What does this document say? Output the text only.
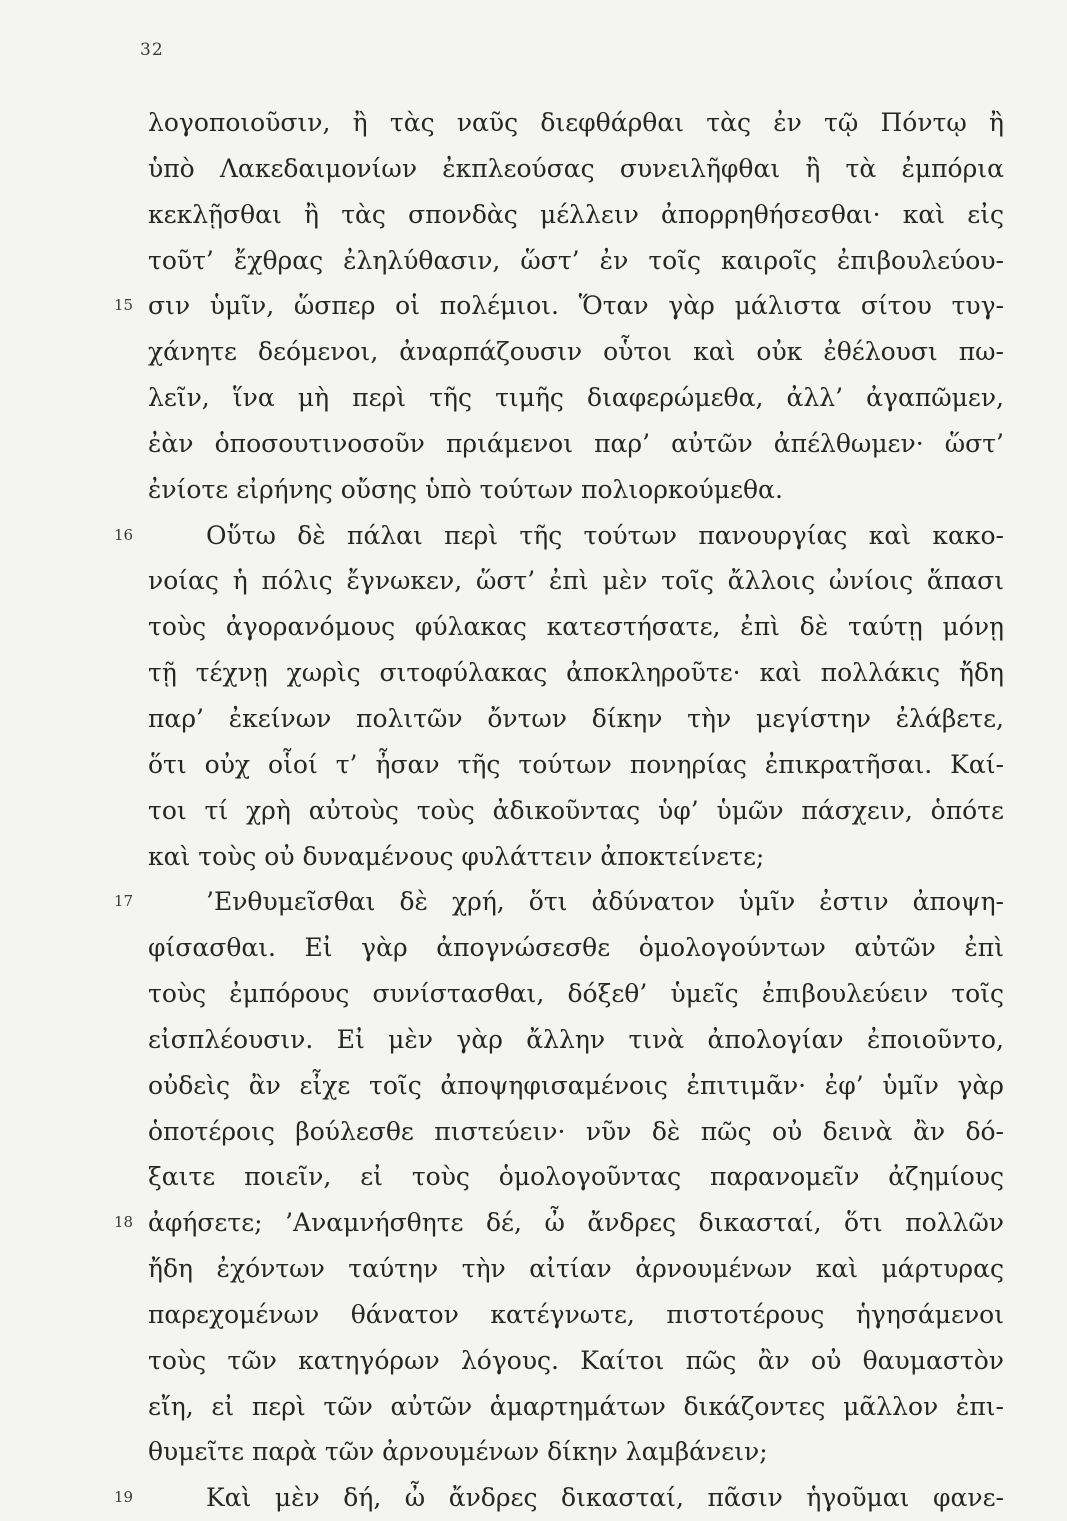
32
λογοποιοῦσιν, ἢ τὰς ναῦς διεφθάρθαι τὰς ἐν τῷ Πόντῳ ἢ
ὑπὸ Λακεδαιμονίων ἐκπλεούσας συνειλῆφθαι ἢ τὰ ἐμπόρια
κεκλῇσθαι ἢ τὰς σπονδὰς μέλλειν ἀπορρηθήσεσθαι· καὶ εἰς
τοῦτ’ ἔχθρας ἐληλύθασιν, ὥστ’ ἐν τοῖς καιροῖς ἐπιβουλεύου-
15 σιν ὑμῖν, ὥσπερ οἱ πολέμιοι. Ὅταν γὰρ μάλιστα σίτου τυγ-
χάνητε δεόμενοι, ἀναρπάζουσιν οὗτοι καὶ οὐκ ἐθέλουσι πω-
λεῖν, ἵνα μὴ περὶ τῆς τιμῆς διαφερώμεθα, ἀλλ’ ἀγαπῶμεν,
ἐὰν ὁποσουτινοσοῦν πριάμενοι παρ’ αὐτῶν ἀπέλθωμεν· ὥστ’
ἐνίοτε εἰρήνης οὔσης ὑπὸ τούτων πολιορκούμεθα.
16	Οὕτω δὲ πάλαι περὶ τῆς τούτων πανουργίας καὶ κακο-
νοίας ἡ πόλις ἔγνωκεν, ὥστ’ ἐπὶ μὲν τοῖς ἄλλοις ὠνίοις ἅπασι
τοὺς ἀγορανόμους φύλακας κατεστήσατε, ἐπὶ δὲ ταύτῃ μόνῃ
τῇ τέχνῃ χωρὶς σιτοφύλακας ἀποκληροῦτε· καὶ πολλάκις ἤδη
παρ’ ἐκείνων πολιτῶν ὄντων δίκην τὴν μεγίστην ἐλάβετε,
ὅτι οὐχ οἷοί τ’ ἦσαν τῆς τούτων πονηρίας ἐπικρατῆσαι. Καί-
τοι τί χρὴ αὐτοὺς τοὺς ἀδικοῦντας ὑφ’ ὑμῶν πάσχειν, ὁπότε
καὶ τοὺς οὐ δυναμένους φυλάττειν ἀποκτείνετε;
17	’Ενθυμεῖσθαι δὲ χρή, ὅτι ἀδύνατον ὑμῖν ἐστιν ἀποψη-
φίσασθαι. Εἰ γὰρ ἀπογνώσεσθε ὁμολογούντων αὐτῶν ἐπὶ
τοὺς ἐμπόρους συνίστασθαι, δόξεθ’ ὑμεῖς ἐπιβουλεύειν τοῖς
εἰσπλέουσιν. Εἰ μὲν γὰρ ἄλλην τινὰ ἀπολογίαν ἐποιοῦντο,
οὐδεὶς ἂν εἶχε τοῖς ἀποψηφισαμένοις ἐπιτιμᾶν· ἐφ’ ὑμῖν γὰρ
ὁποτέροις βούλεσθε πιστεύειν· νῦν δὲ πῶς οὐ δεινὰ ἂν δό-
ξαιτε ποιεῖν, εἰ τοὺς ὁμολογοῦντας παρανομεῖν ἀζημίους
18 ἀφήσετε; ’Αναμνήσθητε δέ, ὦ ἄνδρες δικασταί, ὅτι πολλῶν
ἤδη ἐχόντων ταύτην τὴν αἰτίαν ἀρνουμένων καὶ μάρτυρας
παρεχομένων θάνατον κατέγνωτε, πιστοτέρους ἡγησάμενοι
τοὺς τῶν κατηγόρων λόγους. Καίτοι πῶς ἂν οὐ θαυμαστὸν
εἴη, εἰ περὶ τῶν αὐτῶν ἁμαρτημάτων δικάζοντες μᾶλλον ἐπι-
θυμεῖτε παρὰ τῶν ἀρνουμένων δίκην λαμβάνειν;
19	Καὶ μὲν δή, ὦ ἄνδρες δικασταί, πᾶσιν ἡγοῦμαι φανε-
